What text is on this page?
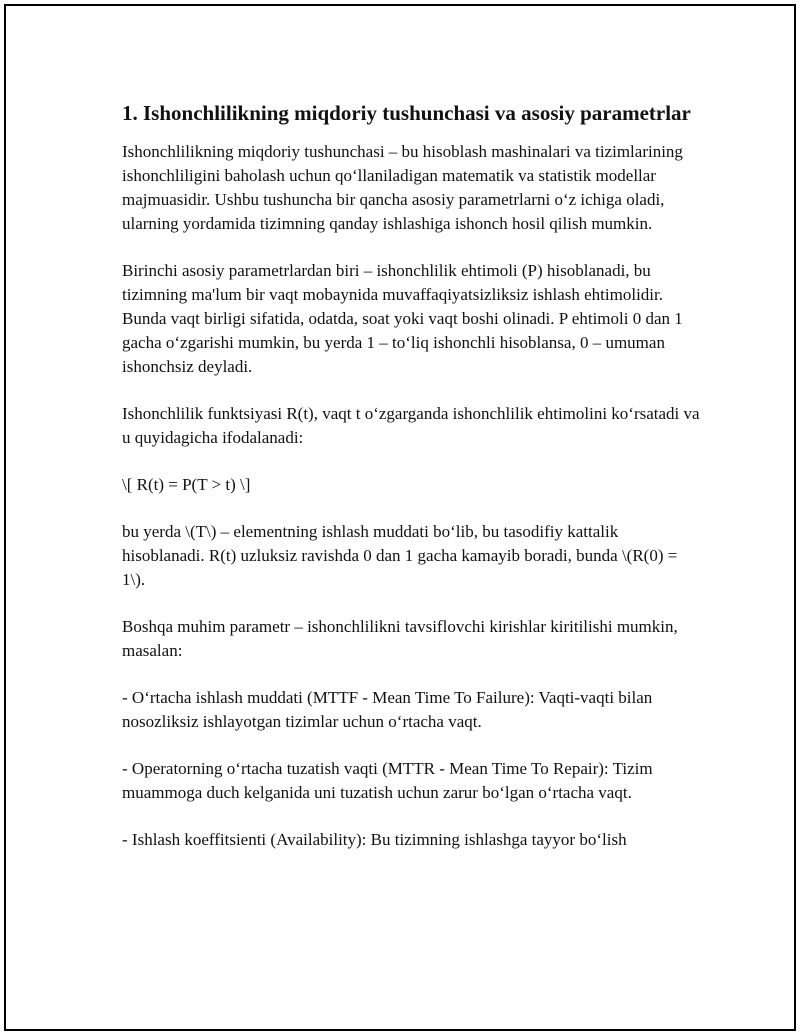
1. Ishonchlilikning miqdoriy tushunchasi va asosiy parametrlar

Ishonchlilikning miqdoriy tushunchasi – bu hisoblash mashinalari va tizimlarining ishonchliligini baholash uchun qo‘llaniladigan matematik va statistik modellar majmuasidir. Ushbu tushuncha bir qancha asosiy parametrlarni o‘z ichiga oladi, ularning yordamida tizimning qanday ishlashiga ishonch hosil qilish mumkin.

Birinchi asosiy parametrlardan biri – ishonchlilik ehtimoli (P) hisoblanadi, bu tizimning ma'lum bir vaqt mobaynida muvaffaqiyatsizliksiz ishlash ehtimolidir. Bunda vaqt birligi sifatida, odatda, soat yoki vaqt boshi olinadi. P ehtimoli 0 dan 1 gacha o‘zgarishi mumkin, bu yerda 1 – to‘liq ishonchli hisoblansa, 0 – umuman ishonchsiz deyladi.

Ishonchlilik funktsiyasi R(t), vaqt t o‘zgarganda ishonchlilik ehtimolini ko‘rsatadi va u quyidagicha ifodalanadi:

\[ R(t) = P(T > t) \]

bu yerda \(T\) – elementning ishlash muddati bo‘lib, bu tasodifiy kattalik hisoblanadi. R(t) uzluksiz ravishda 0 dan 1 gacha kamayib boradi, bunda \(R(0) = 1\).

Boshqa muhim parametr – ishonchlilikni tavsiflovchi kirishlar kiritilishi mumkin, masalan:

- O‘rtacha ishlash muddati (MTTF - Mean Time To Failure): Vaqti-vaqti bilan nosozliksiz ishlayotgan tizimlar uchun o‘rtacha vaqt.

- Operatorning o‘rtacha tuzatish vaqti (MTTR - Mean Time To Repair): Tizim muammoga duch kelganida uni tuzatish uchun zarur bo‘lgan o‘rtacha vaqt.

- Ishlash koeffitsienti (Availability): Bu tizimning ishlashga tayyor bo‘lish
